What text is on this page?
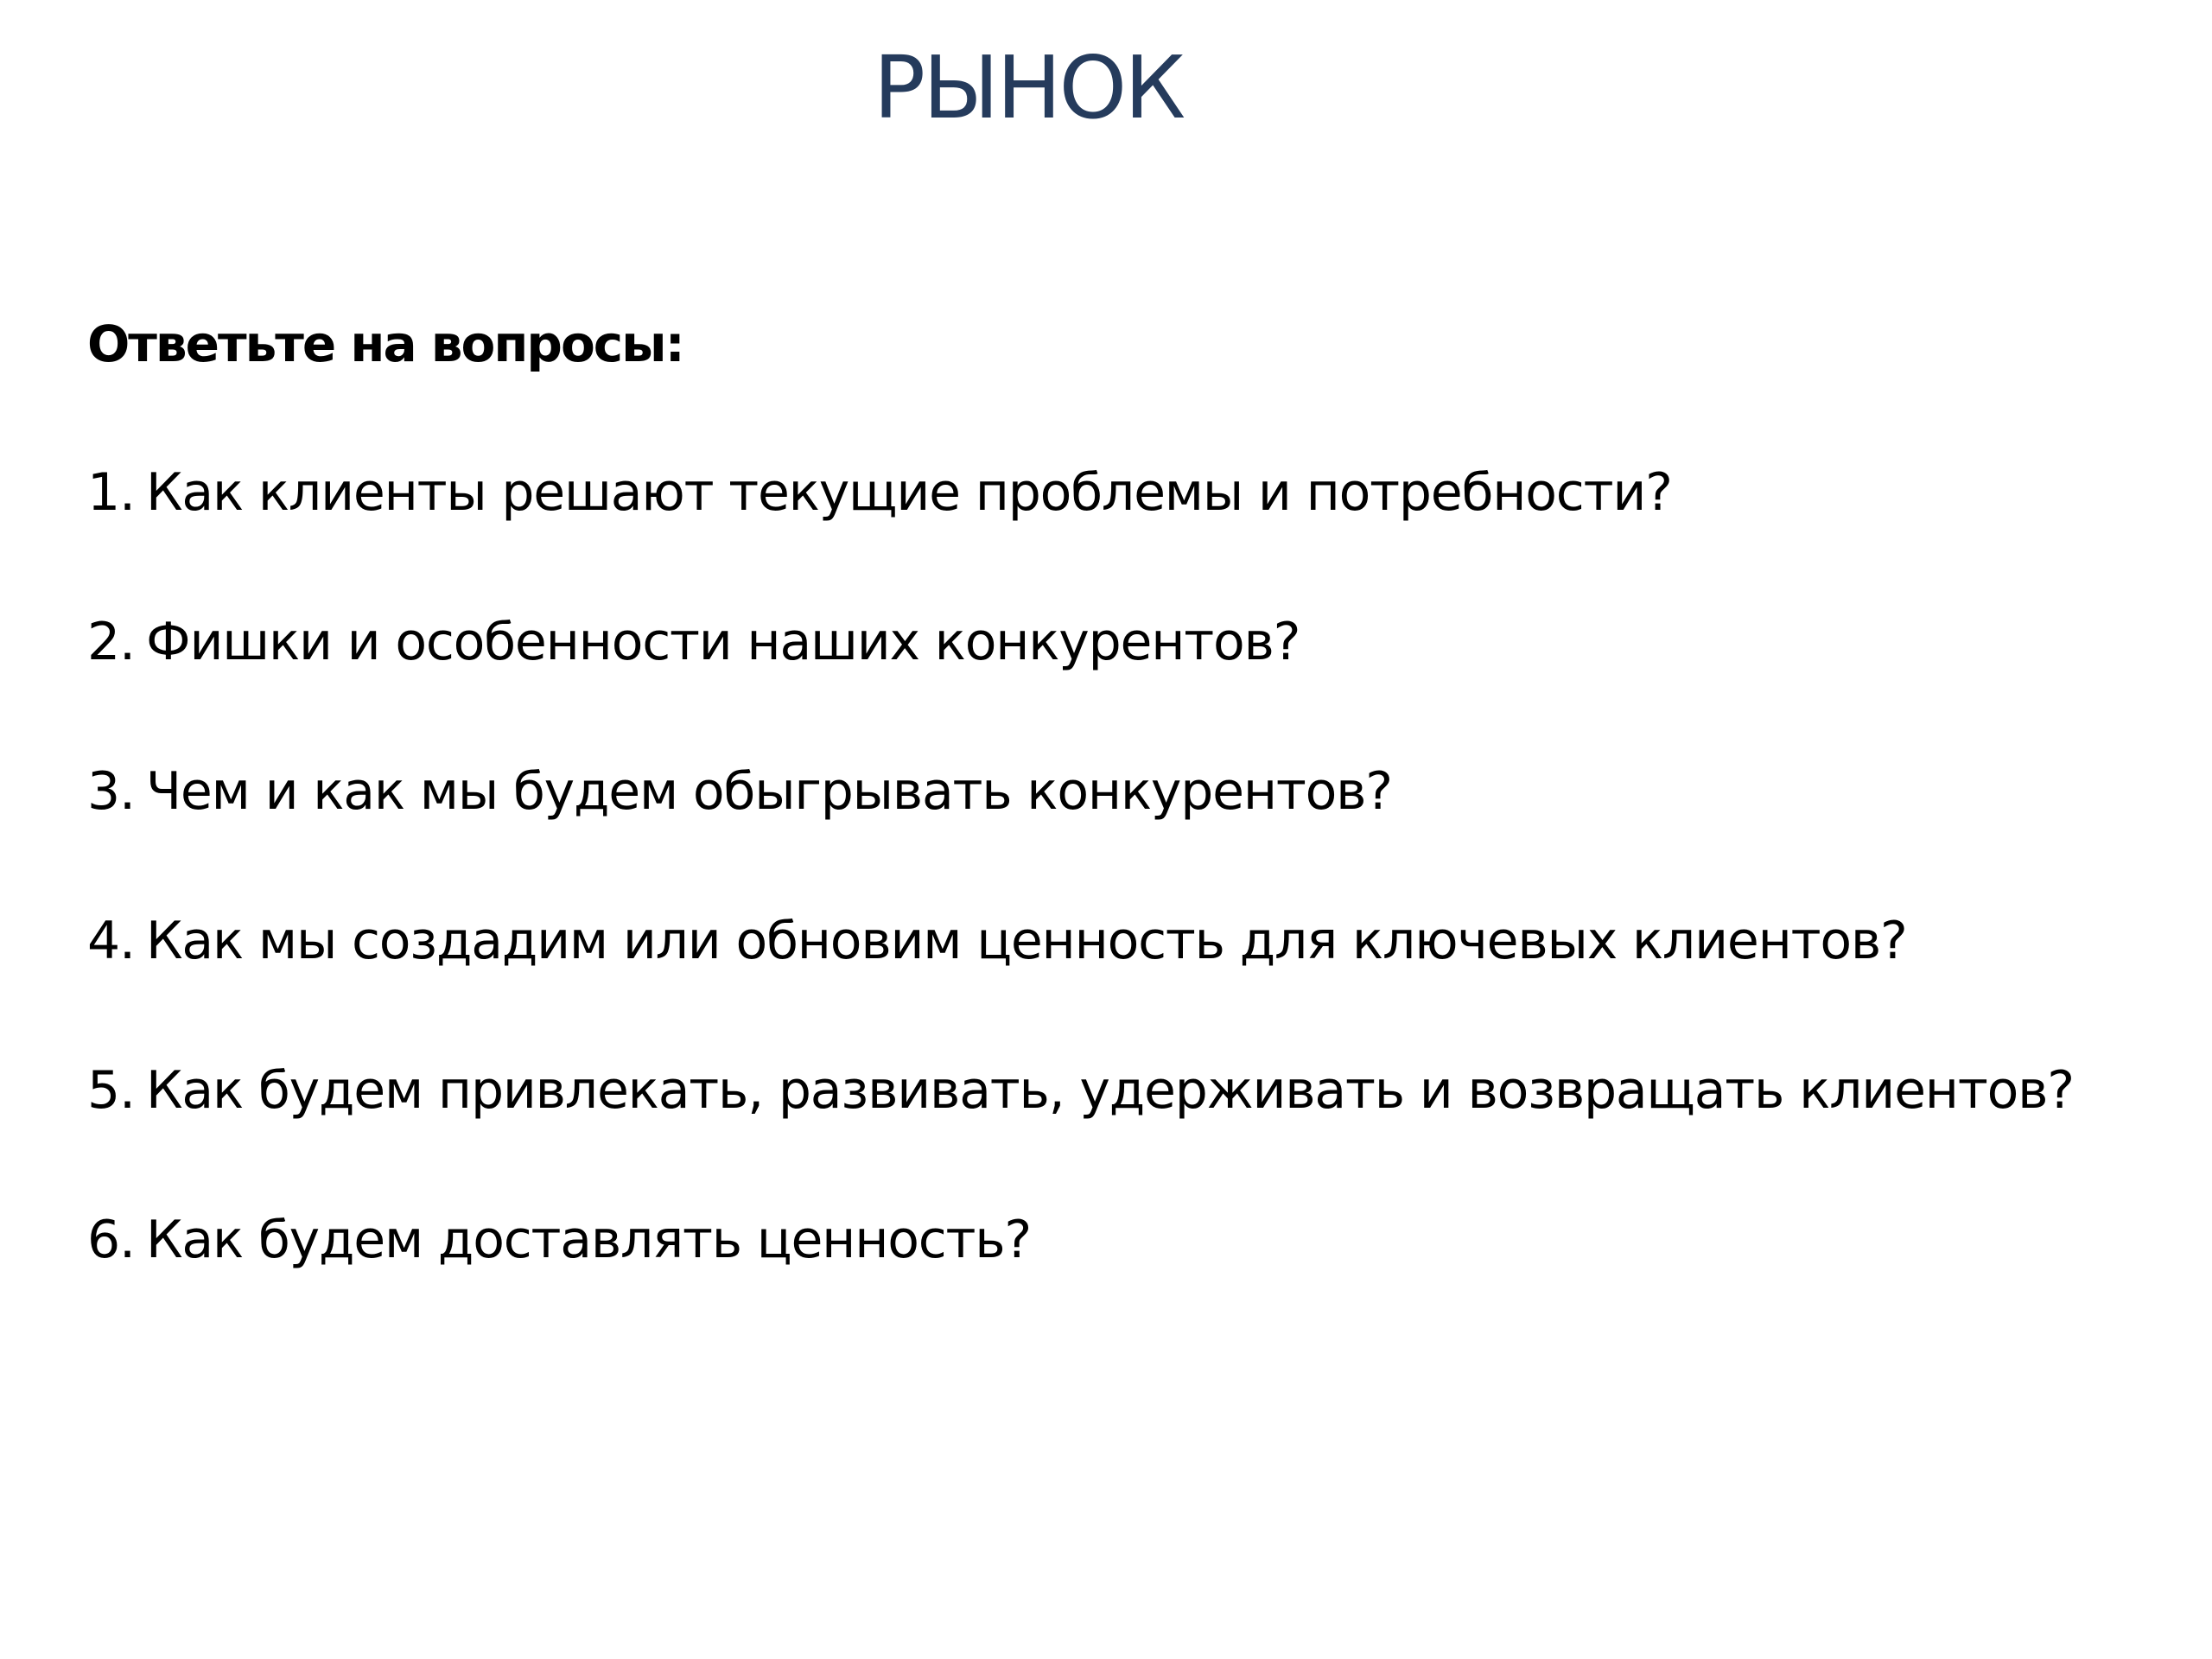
РЫНОК

Ответьте на вопросы:

1. Как клиенты решают текущие проблемы и потребности?
2. Фишки и особенности наших конкурентов?
3. Чем и как мы будем обыгрывать конкурентов?
4. Как мы создадим или обновим ценность для ключевых клиентов?
5. Как будем привлекать, развивать, удерживать и возвращать клиентов?
6. Как будем доставлять ценность?
